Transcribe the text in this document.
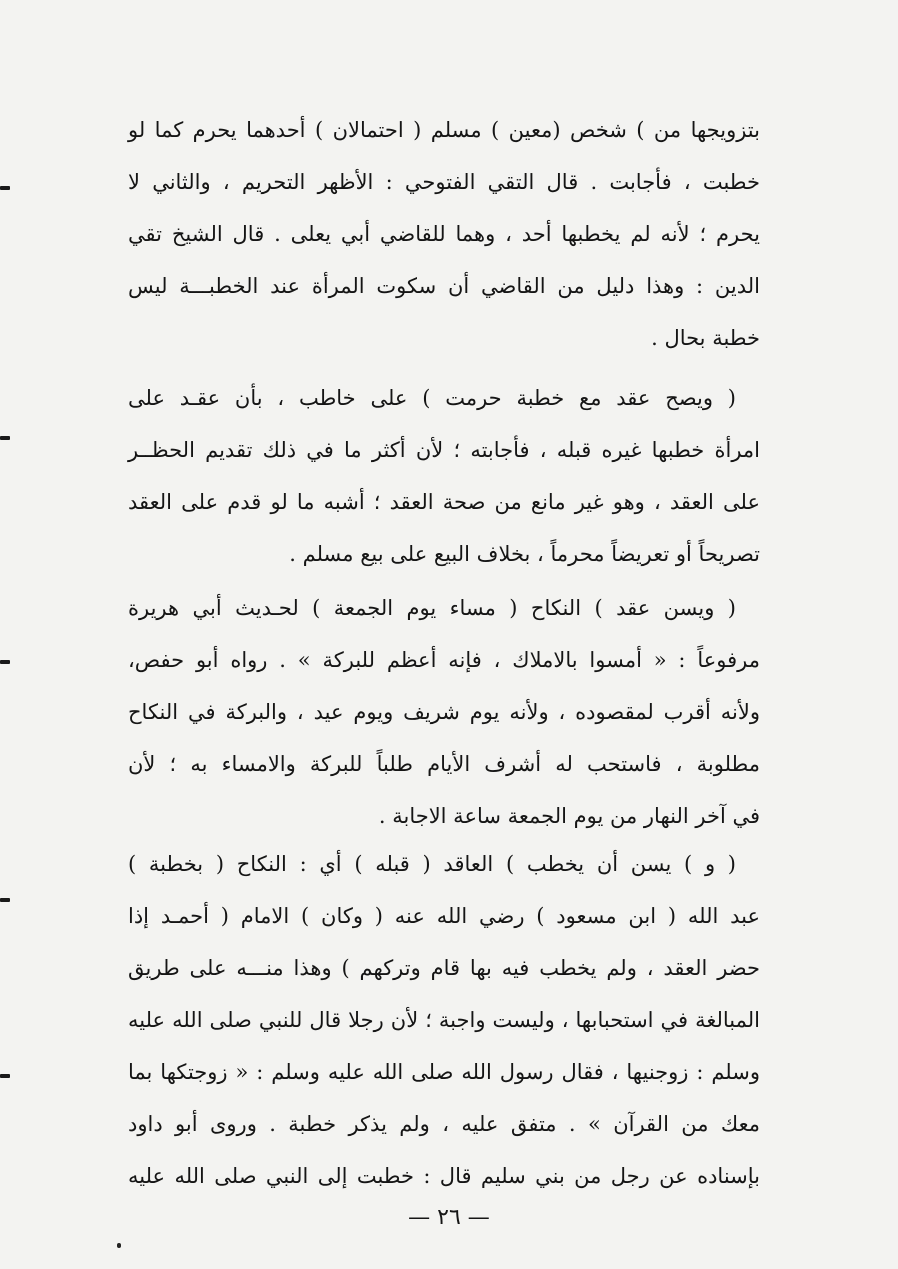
بتزويجها من ) شخص (معين ) مسلم ( احتمالان ) أحدهما يحرم كما لو
خطبت ، فأجابت . قال التقي الفتوحي : الأظهر التحريم ، والثاني لا
يحرم ؛ لأنه لم يخطبها أحد ، وهما للقاضي أبي يعلى . قال الشيخ تقي
الدين : وهذا دليل من القاضي أن سكوت المرأة عند الخطبـــة ليس
خطبة بحال .
( ويصح عقد مع خطبة حرمت ) على خاطب ، بأن عقـد على
امرأة خطبها غيره قبله ، فأجابته ؛ لأن أكثر ما في ذلك تقديم الحظــر
على العقد ، وهو غير مانع من صحة العقد ؛ أشبه ما لو قدم على العقد
تصريحاً أو تعريضاً محرماً ، بخلاف البيع على بيع مسلم .
( ويسن عقد ) النكاح ( مساء يوم الجمعة ) لحـديث أبي هريرة
مرفوعاً : « أمسوا بالاملاك ، فإنه أعظم للبركة » . رواه أبو حفص،
ولأنه أقرب لمقصوده ، ولأنه يوم شريف ويوم عيد ، والبركة في النكاح
مطلوبة ، فاستحب له أشرف الأيام طلباً للبركة والامساء به ؛ لأن
في آخر النهار من يوم الجمعة ساعة الاجابة .
( و ) يسن أن يخطب ) العاقد ( قبله ) أي : النكاح ( بخطبة )
عبد الله ( ابن مسعود ) رضي الله عنه ( وكان ) الامام ( أحمـد إذا
حضر العقد ، ولم يخطب فيه بها قام وتركهم ) وهذا منـــه على طريق
المبالغة في استحبابها ، وليست واجبة ؛ لأن رجلا قال للنبي صلى الله عليه
وسلم : زوجنيها ، فقال رسول الله صلى الله عليه وسلم : « زوجتكها بما
معك من القرآن » . متفق عليه ، ولم يذكر خطبة . وروى أبو داود
بإسناده عن رجل من بني سليم قال : خطبت إلى النبي صلى الله عليه
— ٢٦ —
